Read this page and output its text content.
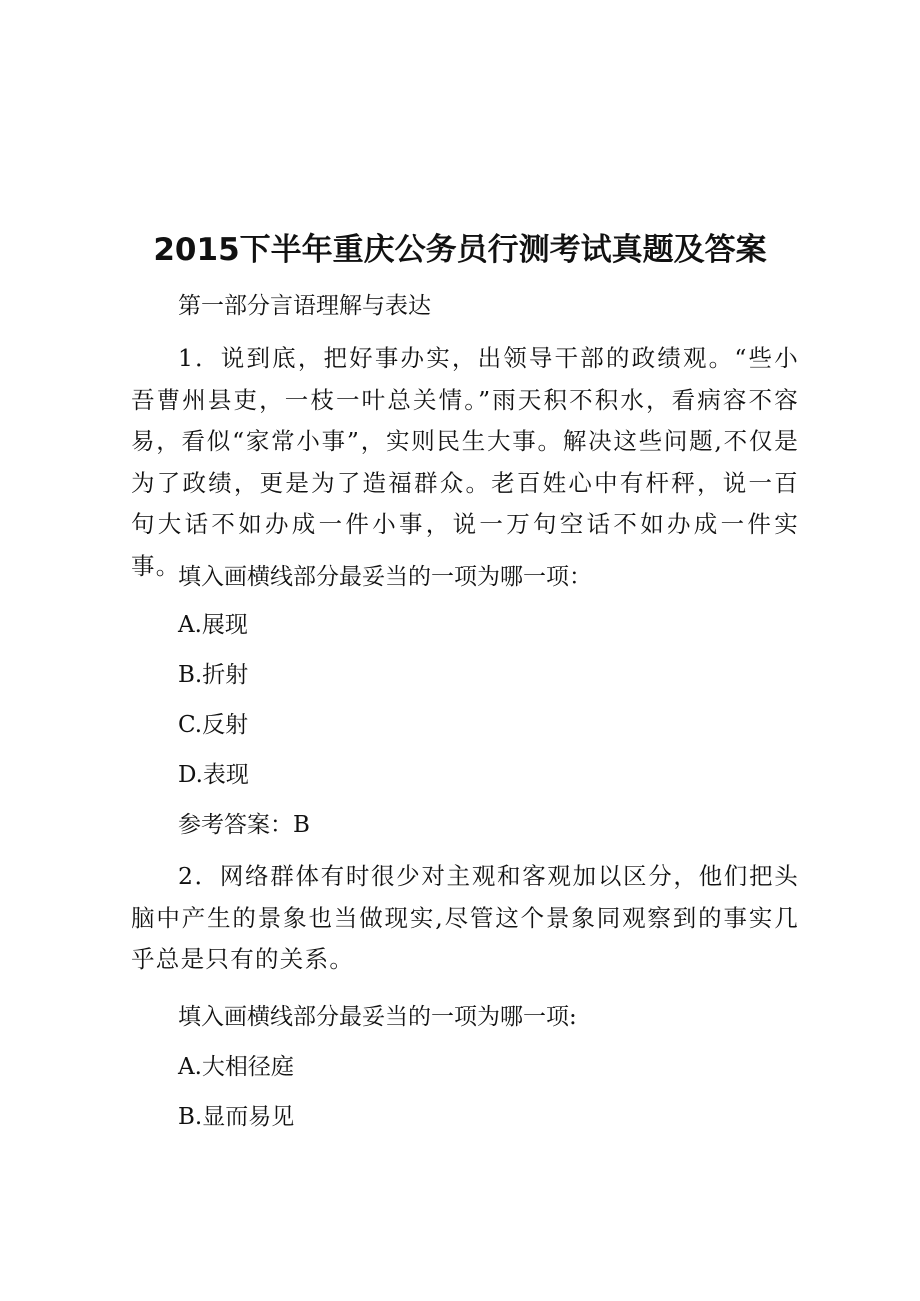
2015下半年重庆公务员行测考试真题及答案
第一部分言语理解与表达
1．说到底，把好事办实，出领导干部的政绩观。“些小吾曹州县吏，一枝一叶总关情。”雨天积不积水，看病容不容易，看似“家常小事”，实则民生大事。解决这些问题,不仅是为了政绩，更是为了造福群众。老百姓心中有杆秤，说一百句大话不如办成一件小事，说一万句空话不如办成一件实事。
填入画横线部分最妥当的一项为哪一项：
A.展现
B.折射
C.反射
D.表现
参考答案：B
2．网络群体有时很少对主观和客观加以区分，他们把头脑中产生的景象也当做现实,尽管这个景象同观察到的事实几乎总是只有的关系。
填入画横线部分最妥当的一项为哪一项:
A.大相径庭
B.显而易见
